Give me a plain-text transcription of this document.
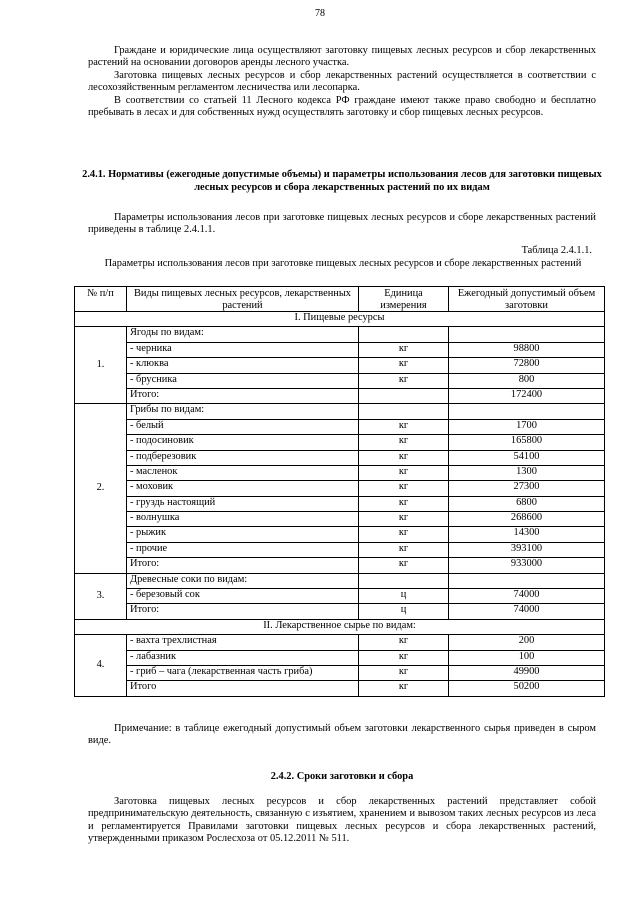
78

Граждане и юридические лица осуществляют заготовку пищевых лесных ресурсов и сбор лекарственных растений на основании договоров аренды лесного участка.

Заготовка пищевых лесных ресурсов и сбор лекарственных растений осуществляется в соответствии с лесохозяйственным регламентом лесничества или лесопарка.

В соответствии со статьей 11 Лесного кодекса РФ граждане имеют также право свободно и бесплатно пребывать в лесах и для собственных нужд осуществлять заготовку и сбор пищевых лесных ресурсов.

2.4.1. Нормативы (ежегодные допустимые объемы) и параметры использования лесов для заготовки пищевых лесных ресурсов и сбора лекарственных растений по их видам

Параметры использования лесов при заготовке пищевых лесных ресурсов и сборе лекарственных растений приведены в таблице 2.4.1.1.

Таблица 2.4.1.1.
Параметры использования лесов при заготовке пищевых лесных ресурсов и сборе лекарственных растений
№ п/п	Виды пищевых лесных ресурсов, лекарственных растений	Единица измерения	Ежегодный допустимый объем заготовки
I. Пищевые ресурсы			
1.	Ягоды по видам:		
	- черника	кг	98800
	- клюква	кг	72800
	- брусника	кг	800
	Итого:		172400
2.	Грибы по видам:		
	- белый	кг	1700
	- подосиновик	кг	165800
	- подберезовик	кг	54100
	- масленок	кг	1300
	- моховик	кг	27300
	- груздь настоящий	кг	6800
	- волнушка	кг	268600
	- рыжик	кг	14300
	- прочие	кг	393100
	Итого:	кг	933000
3.	Древесные соки по видам:		
	- березовый сок	ц	74000
	Итого:	ц	74000
II. Лекарственное сырье по видам:			
4.	- вахта трехлистная	кг	200
	- лабазник	кг	100
	- гриб – чага (лекарственная часть гриба)	кг	49900
	Итого	кг	50200
Примечание: в таблице ежегодный допустимый объем заготовки лекарственного сырья приведен в сыром виде.
2.4.2. Сроки заготовки и сбора

Заготовка пищевых лесных ресурсов и сбор лекарственных растений представляет собой предпринимательскую деятельность, связанную с изъятием, хранением и вывозом таких лесных ресурсов из леса и регламентируется Правилами заготовки пищевых лесных ресурсов и сбора лекарственных растений, утвержденными приказом Рослесхоза от 05.12.2011 № 511.
